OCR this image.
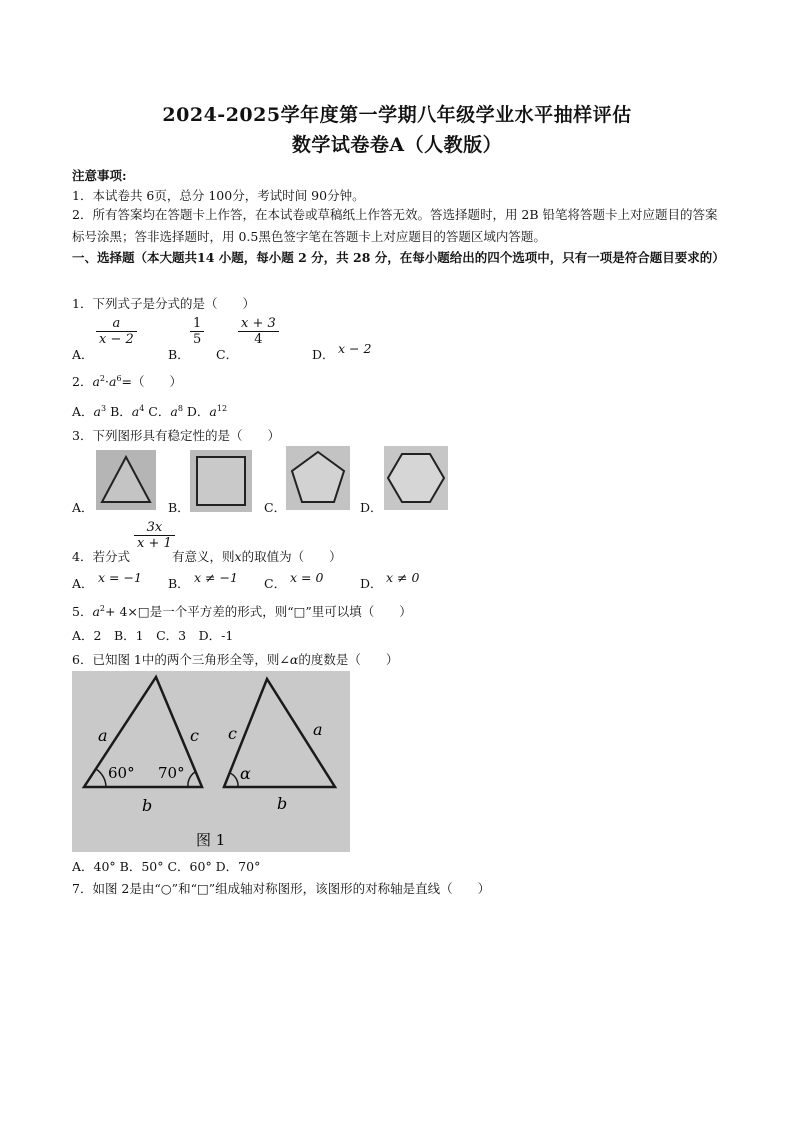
2024-2025学年度第一学期八年级学业水平抽样评估
数学试卷卷A（人教版）
注意事项:
1．本试卷共 6页，总分 100分，考试时间 90分钟。
2．所有答案均在答题卡上作答，在本试卷或草稿纸上作答无效。答选择题时，用 2B 铅笔将答题卡上对应题目的答案标号涂黑；答非选择题时，用 0.5黑色签字笔在答题卡上对应题目的答题区域内答题。
一、选择题（本大题共14 小题，每小题 2 分，共 28 分，在每小题给出的四个选项中，只有一项是符合题目要求的）
1．下列式子是分式的是（　　）
A．
$\frac{a}{x - 2}$
B．
$\frac{1}{5}$
C．
$\frac{x + 3}{4}$
D． x − 2
2．$a^2\cdot a^6=$（　　）
A．$a^3$ B．$a^4$ C．$a^8$ D．$a^{12}$
3．下列图形具有稳定性的是（　　）
A．	B．	C．	D．
4．若分式
$\frac{3x}{x + 1}$
有意义，则x的取值为（　　）
A． x = −1 B． x ≠ −1 C． x = 0	D． x ≠ 0
5．$a^2+$ 4×□是一个平方差的形式，则“□”里可以填（　　）
A．2　B．1　C．3　D．-1
6．已知图 1中的两个三角形全等，则∠α的度数是（　　）
a	c
60° 70°
b
c	a
α
b
图 1
A．40° B．50° C．60° D．70°
7．如图 2是由“○”和“□”组成轴对称图形，该图形的对称轴是直线（　　）
